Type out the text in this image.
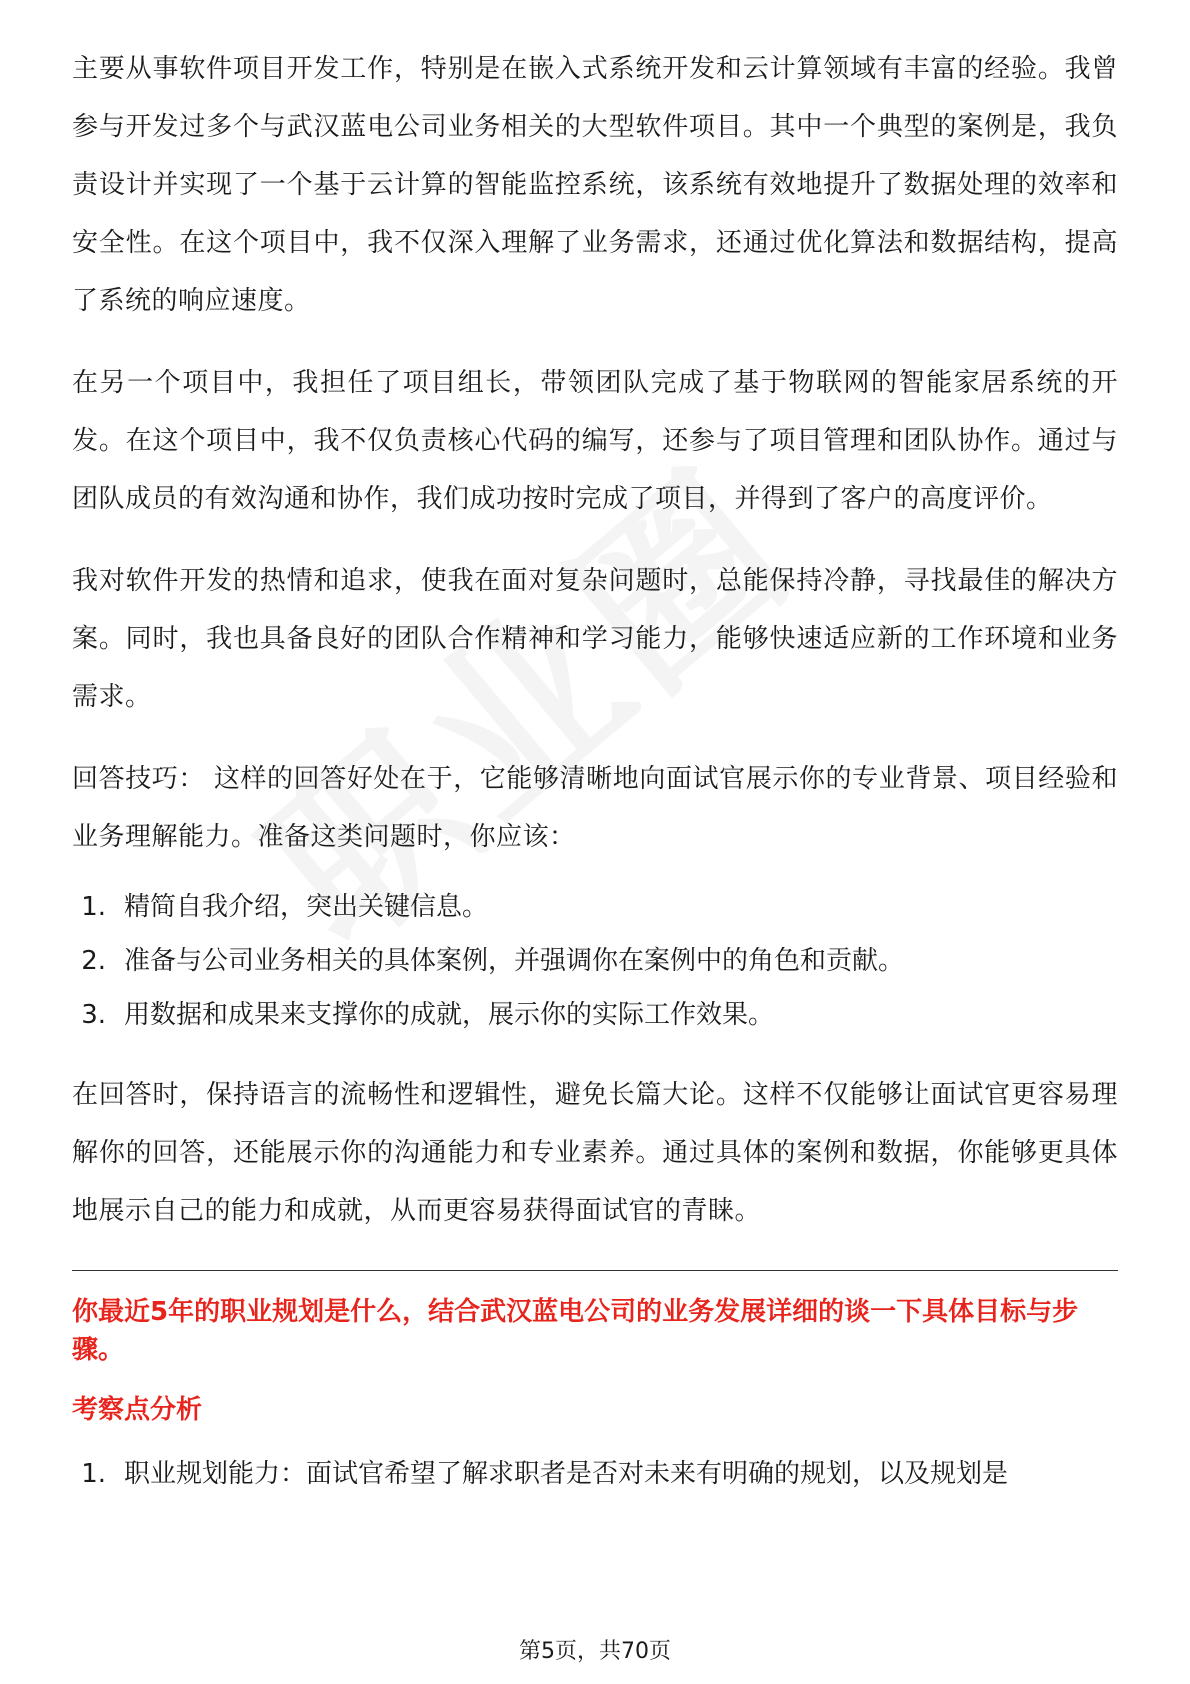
主要从事软件项目开发工作，特别是在嵌入式系统开发和云计算领域有丰富的经验。我曾参与开发过多个与武汉蓝电公司业务相关的大型软件项目。其中一个典型的案例是，我负责设计并实现了一个基于云计算的智能监控系统，该系统有效地提升了数据处理的效率和安全性。在这个项目中，我不仅深入理解了业务需求，还通过优化算法和数据结构，提高了系统的响应速度。

在另一个项目中，我担任了项目组长，带领团队完成了基于物联网的智能家居系统的开发。在这个项目中，我不仅负责核心代码的编写，还参与了项目管理和团队协作。通过与团队成员的有效沟通和协作，我们成功按时完成了项目，并得到了客户的高度评价。

我对软件开发的热情和追求，使我在面对复杂问题时，总能保持冷静，寻找最佳的解决方案。同时，我也具备良好的团队合作精神和学习能力，能够快速适应新的工作环境和业务需求。

回答技巧： 这样的回答好处在于，它能够清晰地向面试官展示你的专业背景、项目经验和业务理解能力。准备这类问题时，你应该：

1. 精简自我介绍，突出关键信息。
2. 准备与公司业务相关的具体案例，并强调你在案例中的角色和贡献。
3. 用数据和成果来支撑你的成就，展示你的实际工作效果。

在回答时，保持语言的流畅性和逻辑性，避免长篇大论。这样不仅能够让面试官更容易理解你的回答，还能展示你的沟通能力和专业素养。通过具体的案例和数据，你能够更具体地展示自己的能力和成就，从而更容易获得面试官的青睐。

你最近5年的职业规划是什么，结合武汉蓝电公司的业务发展详细的谈一下具体目标与步骤。

考察点分析

1. 职业规划能力：面试官希望了解求职者是否对未来有明确的规划，以及规划是
第5页，共70页
